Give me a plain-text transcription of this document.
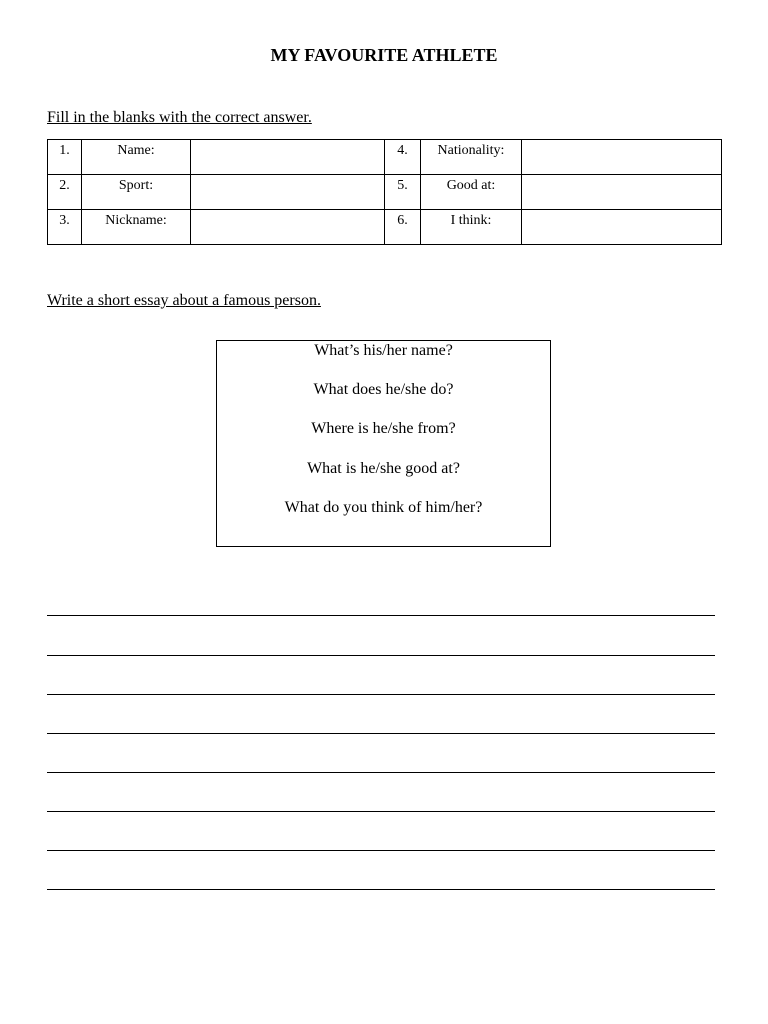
MY FAVOURITE ATHLETE
Fill in the blanks with the correct answer.
1.	Name:		4.	Nationality:	
2.	Sport:		5.	Good at:	
3.	Nickname:		6.	I think:	
Write a short essay about a famous person.
What’s his/her name?
What does he/she do?
Where is he/she from?
What is he/she good at?
What do you think of him/her?
